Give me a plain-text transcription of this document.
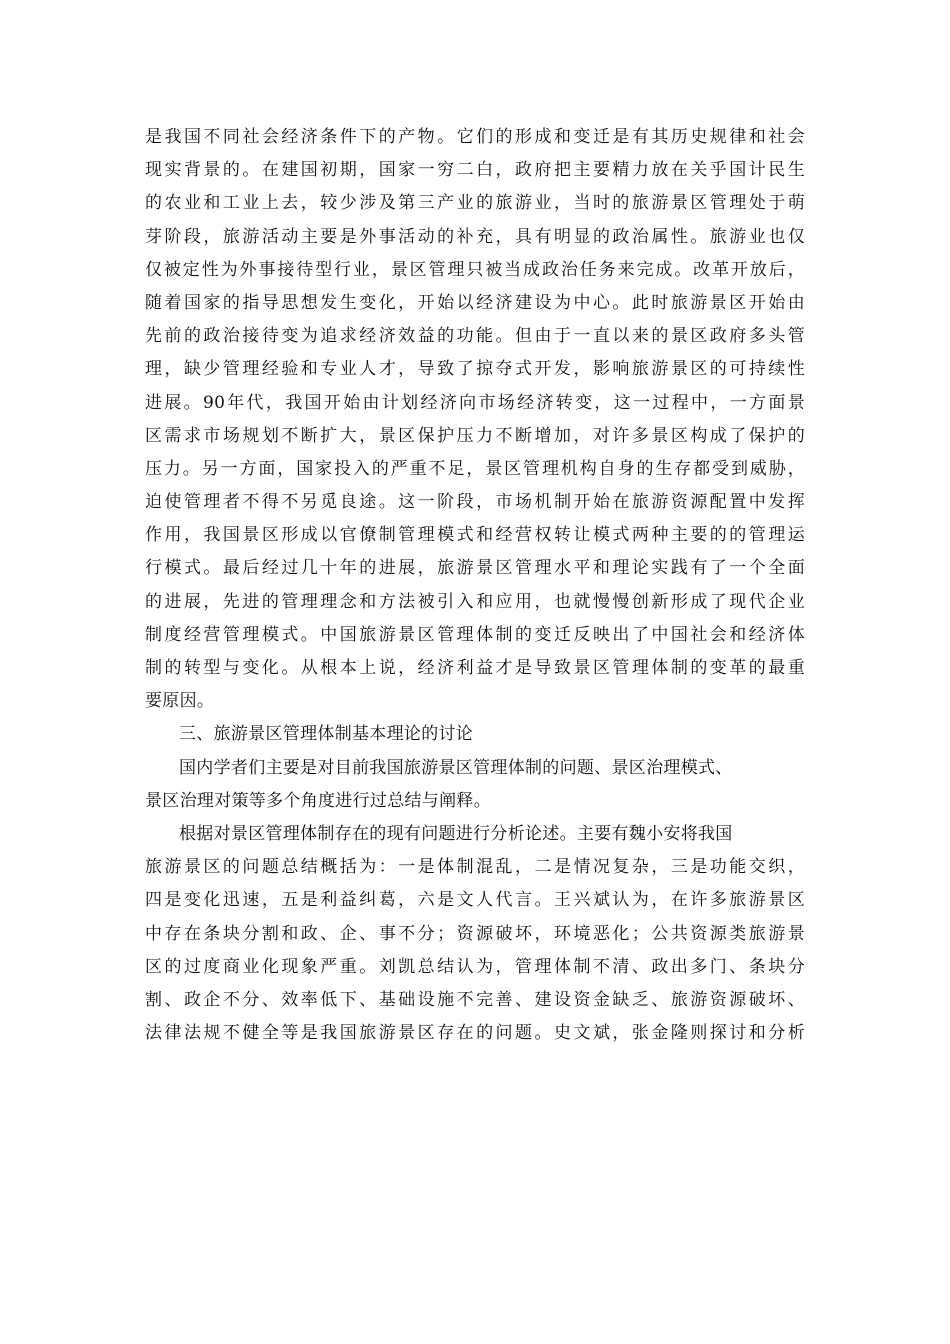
是我国不同社会经济条件下的产物。它们的形成和变迁是有其历史规律和社会
现实背景的。在建国初期，国家一穷二白，政府把主要精力放在关乎国计民生
的农业和工业上去，较少涉及第三产业的旅游业，当时的旅游景区管理处于萌
芽阶段，旅游活动主要是外事活动的补充，具有明显的政治属性。旅游业也仅
仅被定性为外事接待型行业，景区管理只被当成政治任务来完成。改革开放后，
随着国家的指导思想发生变化，开始以经济建设为中心。此时旅游景区开始由
先前的政治接待变为追求经济效益的功能。但由于一直以来的景区政府多头管
理，缺少管理经验和专业人才，导致了掠夺式开发，影响旅游景区的可持续性
进展。90年代，我国开始由计划经济向市场经济转变，这一过程中，一方面景
区需求市场规划不断扩大，景区保护压力不断增加，对许多景区构成了保护的
压力。另一方面，国家投入的严重不足，景区管理机构自身的生存都受到威胁，
迫使管理者不得不另觅良途。这一阶段，市场机制开始在旅游资源配置中发挥
作用，我国景区形成以官僚制管理模式和经营权转让模式两种主要的的管理运
行模式。最后经过几十年的进展，旅游景区管理水平和理论实践有了一个全面
的进展，先进的管理理念和方法被引入和应用，也就慢慢创新形成了现代企业
制度经营管理模式。中国旅游景区管理体制的变迁反映出了中国社会和经济体
制的转型与变化。从根本上说，经济利益才是导致景区管理体制的变革的最重
要原因。
三、旅游景区管理体制基本理论的讨论
国内学者们主要是对目前我国旅游景区管理体制的问题、景区治理模式、
景区治理对策等多个角度进行过总结与阐释。
根据对景区管理体制存在的现有问题进行分析论述。主要有魏小安将我国
旅游景区的问题总结概括为：一是体制混乱，二是情况复杂，三是功能交织，
四是变化迅速，五是利益纠葛，六是文人代言。王兴斌认为，在许多旅游景区
中存在条块分割和政、企、事不分；资源破坏，环境恶化；公共资源类旅游景
区的过度商业化现象严重。刘凯总结认为，管理体制不清、政出多门、条块分
割、政企不分、效率低下、基础设施不完善、建设资金缺乏、旅游资源破坏、
法律法规不健全等是我国旅游景区存在的问题。史文斌，张金隆则探讨和分析
